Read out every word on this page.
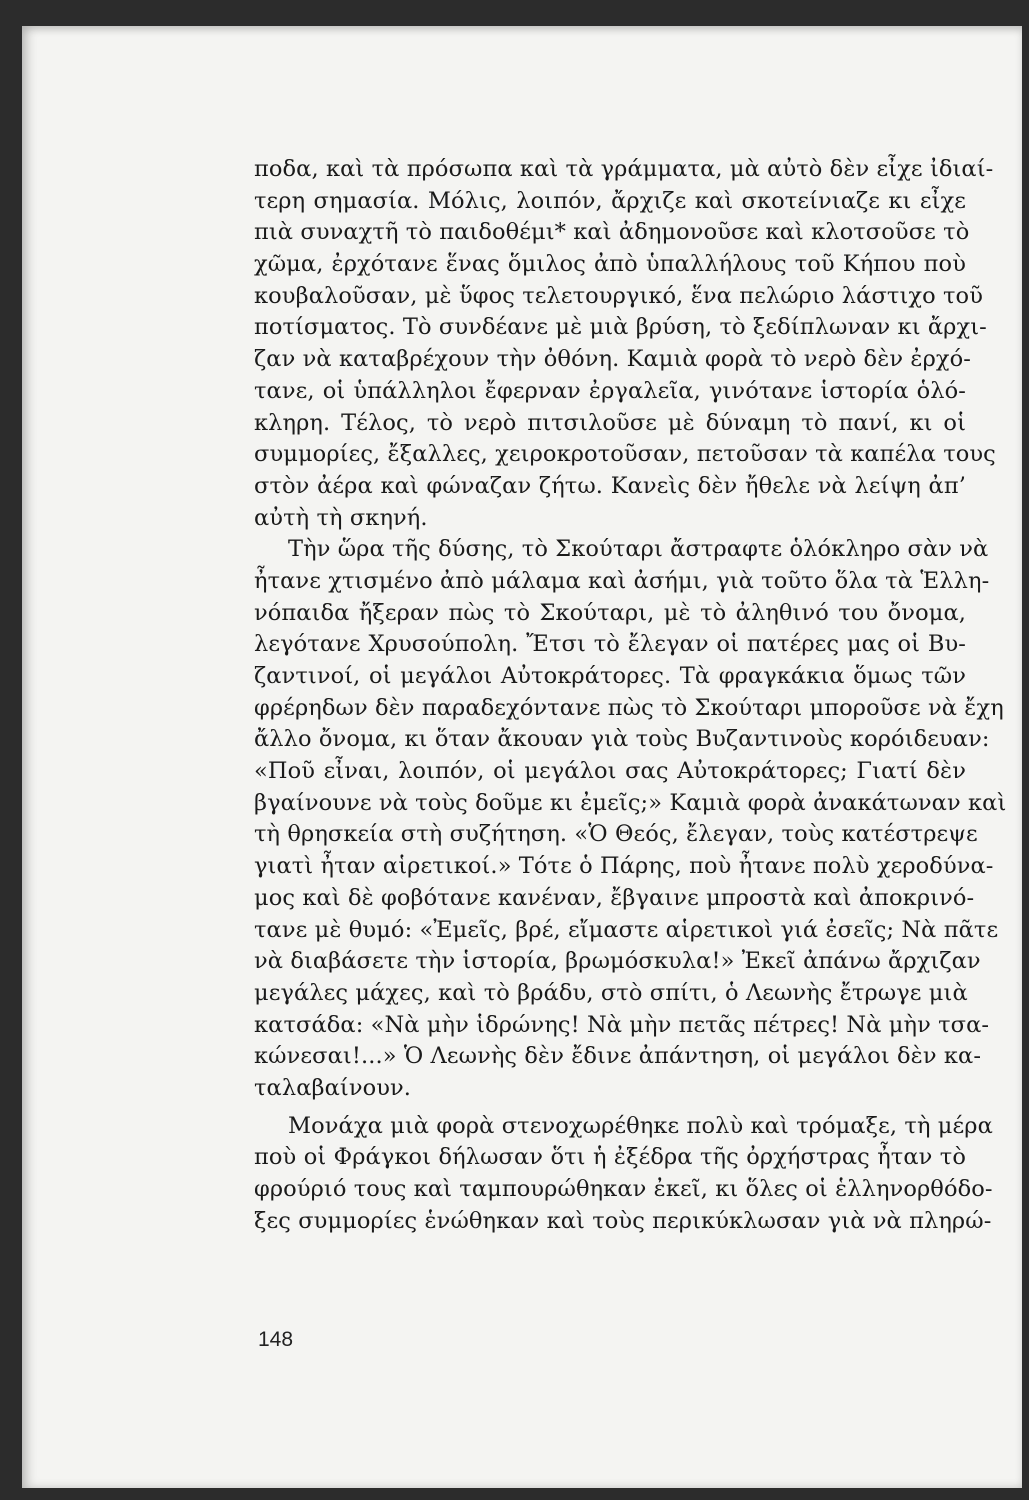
ποδα, καὶ τὰ πρόσωπα καὶ τὰ γράμματα, μὰ αὐτὸ δὲν εἶχε ἰδιαί-
τερη σημασία. Μόλις, λοιπόν, ἄρχιζε καὶ σκοτείνιαζε κι εἶχε
πιὰ συναχτῆ τὸ παιδοθέμι* καὶ ἀδημονοῦσε καὶ κλοτσοῦσε τὸ
χῶμα, ἐρχότανε ἕνας ὅμιλος ἀπὸ ὑπαλλήλους τοῦ Κήπου ποὺ
κουβαλοῦσαν, μὲ ὕφος τελετουργικό, ἕνα πελώριο λάστιχο τοῦ
ποτίσματος. Τὸ συνδέανε μὲ μιὰ βρύση, τὸ ξεδίπλωναν κι ἄρχι-
ζαν νὰ καταβρέχουν τὴν ὀθόνη. Καμιὰ φορὰ τὸ νερὸ δὲν ἐρχό-
τανε, οἱ ὑπάλληλοι ἔφερναν ἐργαλεῖα, γινότανε ἱστορία ὁλό-
κληρη. Τέλος, τὸ νερὸ πιτσιλοῦσε μὲ δύναμη τὸ πανί, κι οἱ
συμμορίες, ἔξαλλες, χειροκροτοῦσαν, πετοῦσαν τὰ καπέλα τους
στὸν ἀέρα καὶ φώναζαν ζήτω. Κανεὶς δὲν ἤθελε νὰ λείψη ἀπ’
αὐτὴ τὴ σκηνή.
Τὴν ὥρα τῆς δύσης, τὸ Σκούταρι ἄστραφτε ὁλόκληρο σὰν νὰ
ἦτανε χτισμένο ἀπὸ μάλαμα καὶ ἀσήμι, γιὰ τοῦτο ὅλα τὰ Ἑλλη-
νόπαιδα ἤξεραν πὼς τὸ Σκούταρι, μὲ τὸ ἀληθινό του ὄνομα,
λεγότανε Χρυσούπολη. Ἔτσι τὸ ἔλεγαν οἱ πατέρες μας οἱ Βυ-
ζαντινοί, οἱ μεγάλοι Αὐτοκράτορες. Τὰ φραγκάκια ὅμως τῶν
φρέρηδων δὲν παραδεχόντανε πὼς τὸ Σκούταρι μποροῦσε νὰ ἔχη
ἄλλο ὄνομα, κι ὅταν ἄκουαν γιὰ τοὺς Βυζαντινοὺς κορόιδευαν:
«Ποῦ εἶναι, λοιπόν, οἱ μεγάλοι σας Αὐτοκράτορες; Γιατί δὲν
βγαίνουνε νὰ τοὺς δοῦμε κι ἐμεῖς;» Καμιὰ φορὰ ἀνακάτωναν καὶ
τὴ θρησκεία στὴ συζήτηση. «Ὁ Θεός, ἔλεγαν, τοὺς κατέστρεψε
γιατὶ ἦταν αἱρετικοί.» Τότε ὁ Πάρης, ποὺ ἦτανε πολὺ χεροδύνα-
μος καὶ δὲ φοβότανε κανέναν, ἔβγαινε μπροστὰ καὶ ἀποκρινό-
τανε μὲ θυμό: «Ἐμεῖς, βρέ, εἴμαστε αἱρετικοὶ γιά ἐσεῖς; Νὰ πᾶτε
νὰ διαβάσετε τὴν ἱστορία, βρωμόσκυλα!» Ἐκεῖ ἀπάνω ἄρχιζαν
μεγάλες μάχες, καὶ τὸ βράδυ, στὸ σπίτι, ὁ Λεωνὴς ἔτρωγε μιὰ
κατσάδα: «Νὰ μὴν ἱδρώνης! Νὰ μὴν πετᾶς πέτρες! Νὰ μὴν τσα-
κώνεσαι!...» Ὁ Λεωνὴς δὲν ἔδινε ἀπάντηση, οἱ μεγάλοι δὲν κα-
ταλαβαίνουν.
Μονάχα μιὰ φορὰ στενοχωρέθηκε πολὺ καὶ τρόμαξε, τὴ μέρα
ποὺ οἱ Φράγκοι δήλωσαν ὅτι ἡ ἐξέδρα τῆς ὀρχήστρας ἦταν τὸ
φρούριό τους καὶ ταμπουρώθηκαν ἐκεῖ, κι ὅλες οἱ ἑλληνορθόδο-
ξες συμμορίες ἑνώθηκαν καὶ τοὺς περικύκλωσαν γιὰ νὰ πληρώ-
148
